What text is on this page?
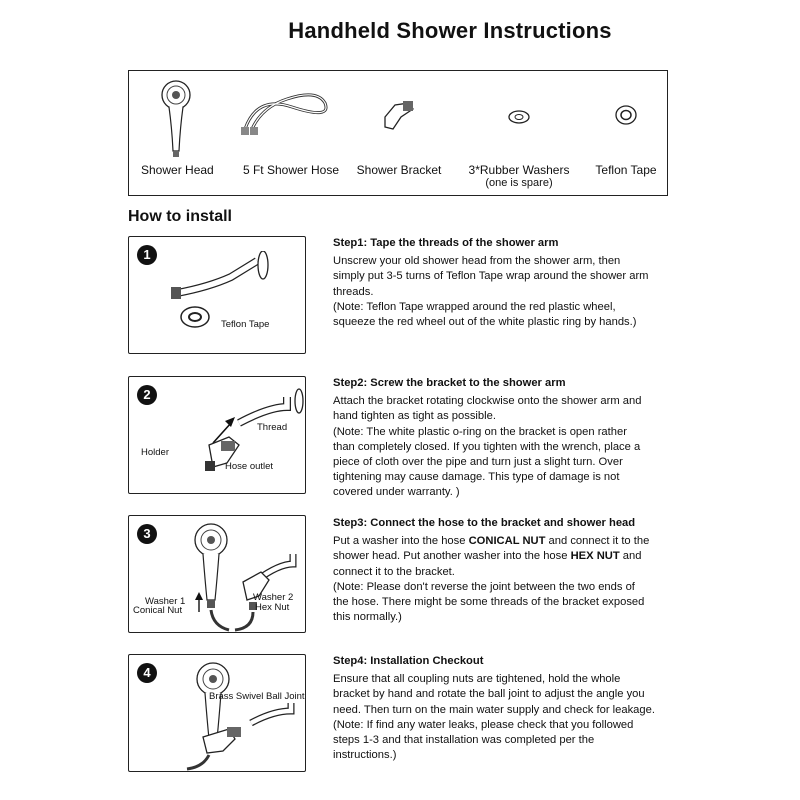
Handheld Shower Instructions
Shower Head 5 Ft Shower Hose Shower Bracket	3*Rubber Washers
(one is spare)
Teflon Tape
How to install
1
Teflon Tape
2
Thread
Holder
Hose outlet
3
Washer 1
Conical Nut
Washer 2
Hex Nut
4
Brass Swivel Ball Joint
Step1: Tape the threads of the shower arm

Unscrew your old shower head from the shower arm, then

simply put 3-5 turns of Teflon Tape wrap around the shower arm

threads.

(Note: Teflon Tape wrapped around the red plastic wheel,

squeeze the red wheel out of the white plastic ring by hands.)

Step2: Screw the bracket to the shower arm

Attach the bracket rotating clockwise onto the shower arm and

hand tighten as tight as possible.

(Note: The white plastic o-ring on the bracket is open rather

than completely closed. If you tighten with the wrench, place a

piece of cloth over the pipe and turn just a slight turn. Over

tightening may cause damage. This type of damage is not

covered under warranty. )

Step3: Connect the hose to the bracket and shower head

Put a washer into the hose CONICAL NUT and connect it to the

shower head. Put another washer into the hose HEX NUT and

connect it to the bracket.

(Note: Please don't reverse the joint between the two ends of

the hose. There might be some threads of the bracket exposed

this normally.)

Step4: Installation Checkout

Ensure that all coupling nuts are tightened, hold the whole

bracket by hand and rotate the ball joint to adjust the angle you

need. Then turn on the main water supply and check for leakage.

(Note: If find any water leaks, please check that you followed

steps 1-3 and that installation was completed per the

instructions.)
